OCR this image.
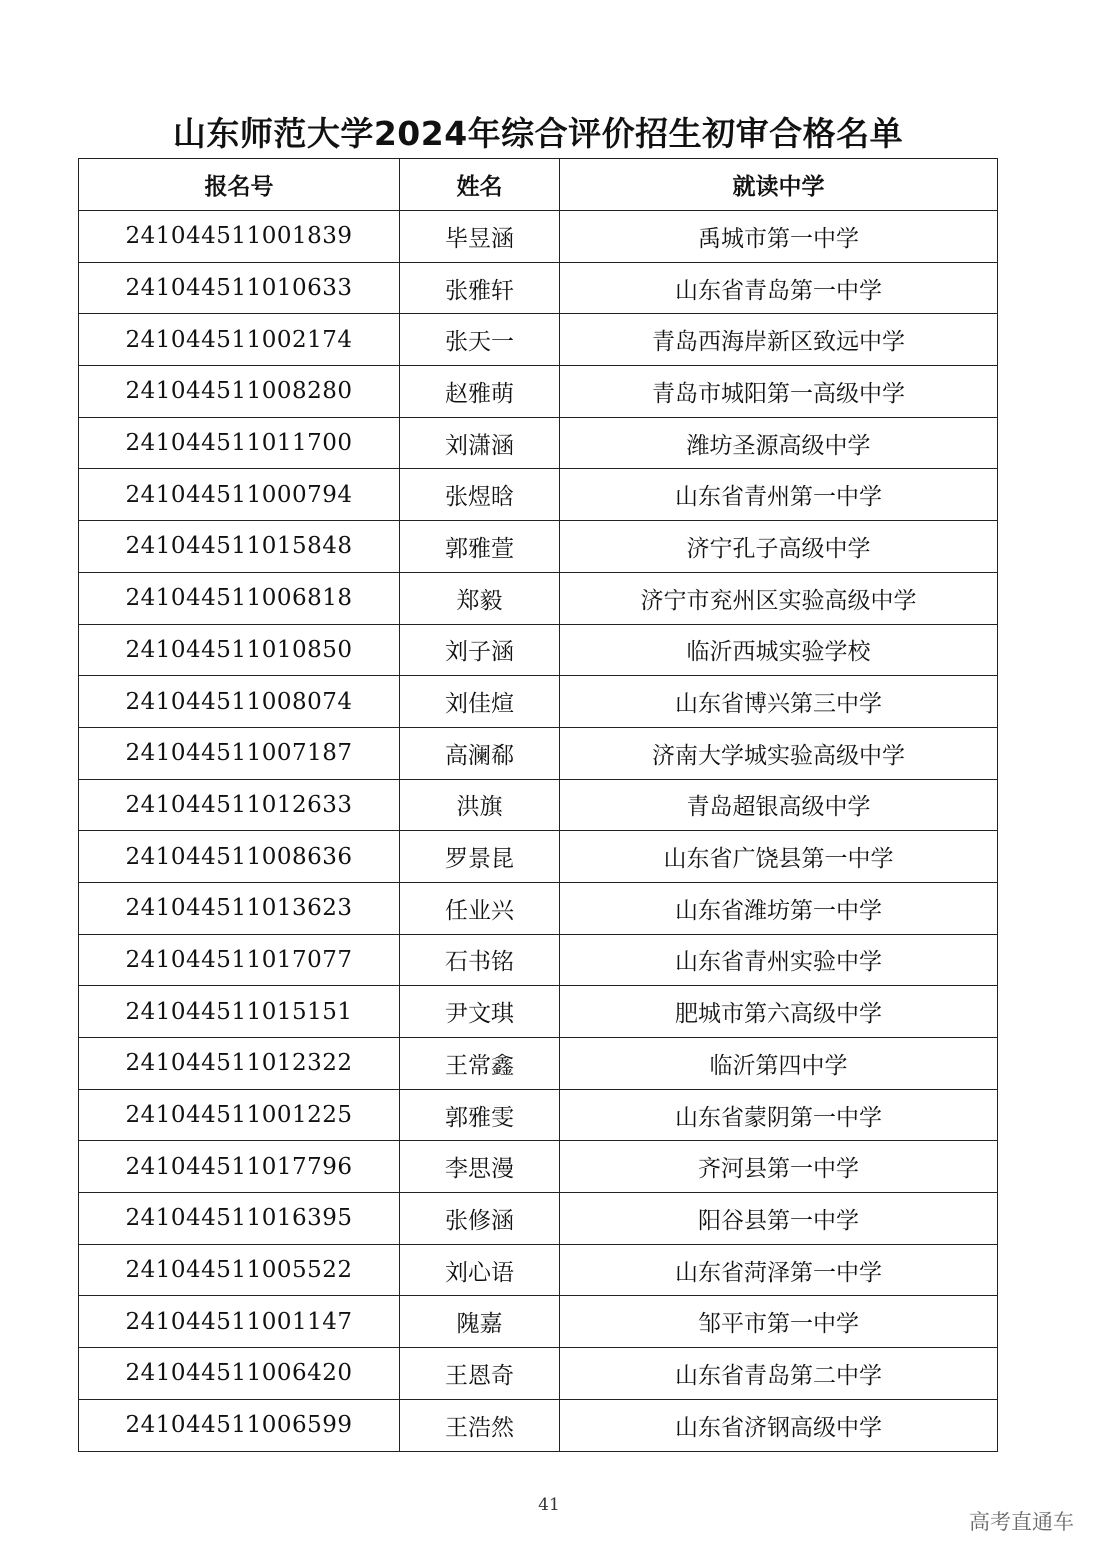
山东师范大学2024年综合评价招生初审合格名单
报名号	姓名	就读中学
241044511001839	毕昱涵	禹城市第一中学
241044511010633	张雅轩	山东省青岛第一中学
241044511002174	张天一	青岛西海岸新区致远中学
241044511008280	赵雅萌	青岛市城阳第一高级中学
241044511011700	刘潇涵	潍坊圣源高级中学
241044511000794	张煜晗	山东省青州第一中学
241044511015848	郭雅萱	济宁孔子高级中学
241044511006818	郑毅	济宁市兖州区实验高级中学
241044511010850	刘子涵	临沂西城实验学校
241044511008074	刘佳煊	山东省博兴第三中学
241044511007187	高澜郗	济南大学城实验高级中学
241044511012633	洪旗	青岛超银高级中学
241044511008636	罗景昆	山东省广饶县第一中学
241044511013623	任业兴	山东省潍坊第一中学
241044511017077	石书铭	山东省青州实验中学
241044511015151	尹文琪	肥城市第六高级中学
241044511012322	王常鑫	临沂第四中学
241044511001225	郭雅雯	山东省蒙阴第一中学
241044511017796	李思漫	齐河县第一中学
241044511016395	张修涵	阳谷县第一中学
241044511005522	刘心语	山东省菏泽第一中学
241044511001147	隗嘉	邹平市第一中学
241044511006420	王恩奇	山东省青岛第二中学
241044511006599	王浩然	山东省济钢高级中学
41
高考直通车
